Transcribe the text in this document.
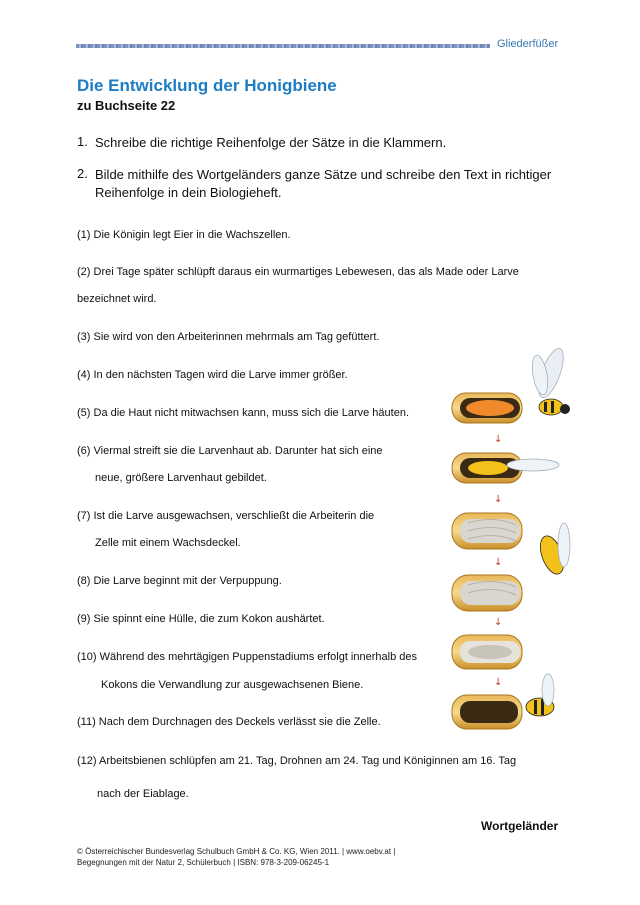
Gliederfüßer
Die Entwicklung der Honigbiene
zu Buchseite 22
1. Schreibe die richtige Reihenfolge der Sätze in die Klammern.
2. Bilde mithilfe des Wortgeländers ganze Sätze und schreibe den Text in richtiger Reihenfolge in dein Biologieheft.
(1) Die Königin legt Eier in die Wachszellen.
(2) Drei Tage später schlüpft daraus ein wurmartiges Lebewesen, das als Made oder Larve
bezeichnet wird.
(3) Sie wird von den Arbeiterinnen mehrmals am Tag gefüttert.
(4) In den nächsten Tagen wird die Larve immer größer.
(5) Da die Haut nicht mitwachsen kann, muss sich die Larve häuten.
(6) Viermal streift sie die Larvenhaut ab. Darunter hat sich eine
neue, größere Larvenhaut gebildet.
(7) Ist die Larve ausgewachsen, verschließt die Arbeiterin die
Zelle mit einem Wachsdeckel.
(8) Die Larve beginnt mit der Verpuppung.
(9) Sie spinnt eine Hülle, die zum Kokon aushärtet.
(10) Während des mehrtägigen Puppenstadiums erfolgt innerhalb des
Kokons die Verwandlung zur ausgewachsenen Biene.
(11) Nach dem Durchnagen des Deckels verlässt sie die Zelle.
(12) Arbeitsbienen schlüpfen am 21. Tag, Drohnen am 24. Tag und Königinnen am 16. Tag
nach der Eiablage.
↓
↓
↓
↓
↓
Wortgeländer
© Österreichischer Bundesverlag Schulbuch GmbH & Co. KG, Wien 2011. | www.oebv.at |
Begegnungen mit der Natur 2, Schülerbuch | ISBN: 978-3-209-06245-1
